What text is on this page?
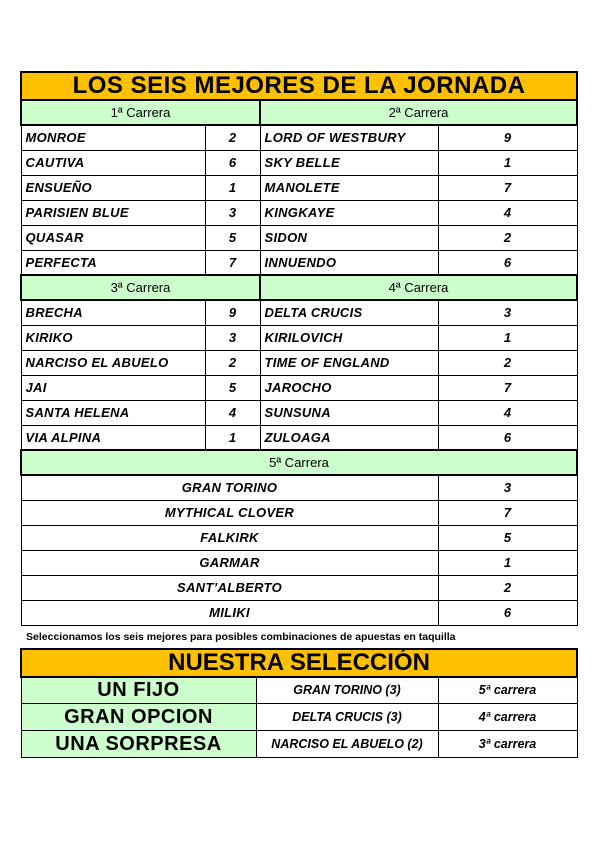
LOS SEIS MEJORES DE LA JORNADA			
1ª Carrera		2ª Carrera	
MONROE	2	LORD OF WESTBURY	9
CAUTIVA	6	SKY BELLE	1
ENSUEÑO	1	MANOLETE	7
PARISIEN BLUE	3	KINGKAYE	4
QUASAR	5	SIDON	2
PERFECTA	7	INNUENDO	6
3ª Carrera		4ª Carrera	
BRECHA	9	DELTA CRUCIS	3
KIRIKO	3	KIRILOVICH	1
NARCISO EL ABUELO	2	TIME OF ENGLAND	2
JAI	5	JAROCHO	7
SANTA HELENA	4	SUNSUNA	4
VIA ALPINA	1	ZULOAGA	6
5ª Carrera			
GRAN TORINO			3
MYTHICAL CLOVER			7
FALKIRK			5
GARMAR			1
SANT’ALBERTO			2
MILIKI			6
Seleccionamos los seis mejores para posibles combinaciones de apuestas en taquilla			
NUESTRA SELECCIÓN		
UN FIJO	GRAN TORINO (3)	5ª carrera
GRAN OPCION	DELTA CRUCIS (3)	4ª carrera
UNA SORPRESA	NARCISO EL ABUELO (2)	3ª carrera
